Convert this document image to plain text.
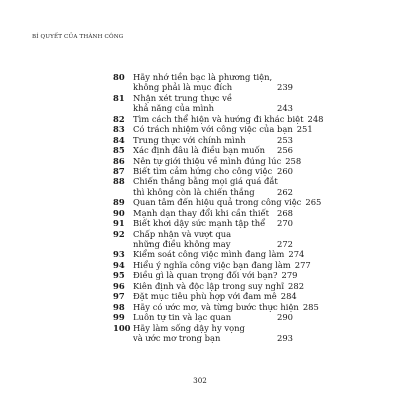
BÍ QUYẾT CỦA THÀNH CÔNG
80 Hãy nhớ tiền bạc là phương tiện,
không phải là mục đích	239
81 Nhận xét trung thực về
khả năng của mình	243
82 Tìm cách thể hiện và hướng đi khác biệt 248
83 Có trách nhiệm với công việc của bạn 251
84 Trung thực với chính mình	253
85 Xác định đâu là điều bạn muốn	256
86 Nên tự giới thiệu về mình đúng lúc 258
87 Biết tìm cảm hứng cho công việc 260
88 Chiến thắng bằng mọi giá quá đắt
thì không còn là chiến thắng	262
89 Quan tâm đến hiệu quả trong công việc 265
90 Mạnh dạn thay đổi khi cần thiết 268
91 Biết khơi dậy sức mạnh tập thể	270
92 Chấp nhận và vượt qua
những điều không may	272
93 Kiểm soát công việc mình đang làm 274
94 Hiểu ý nghĩa công việc bạn đang làm 277
95 Điều gì là quan trọng đối với bạn? 279
96 Kiên định và độc lập trong suy nghĩ 282
97 Đặt mục tiêu phù hợp với đam mê 284
98 Hãy có ước mơ, và từng bước thực hiện 285
99 Luôn tự tin và lạc quan	290
100 Hãy làm sống dậy hy vọng
và ước mơ trong bạn	293
302
